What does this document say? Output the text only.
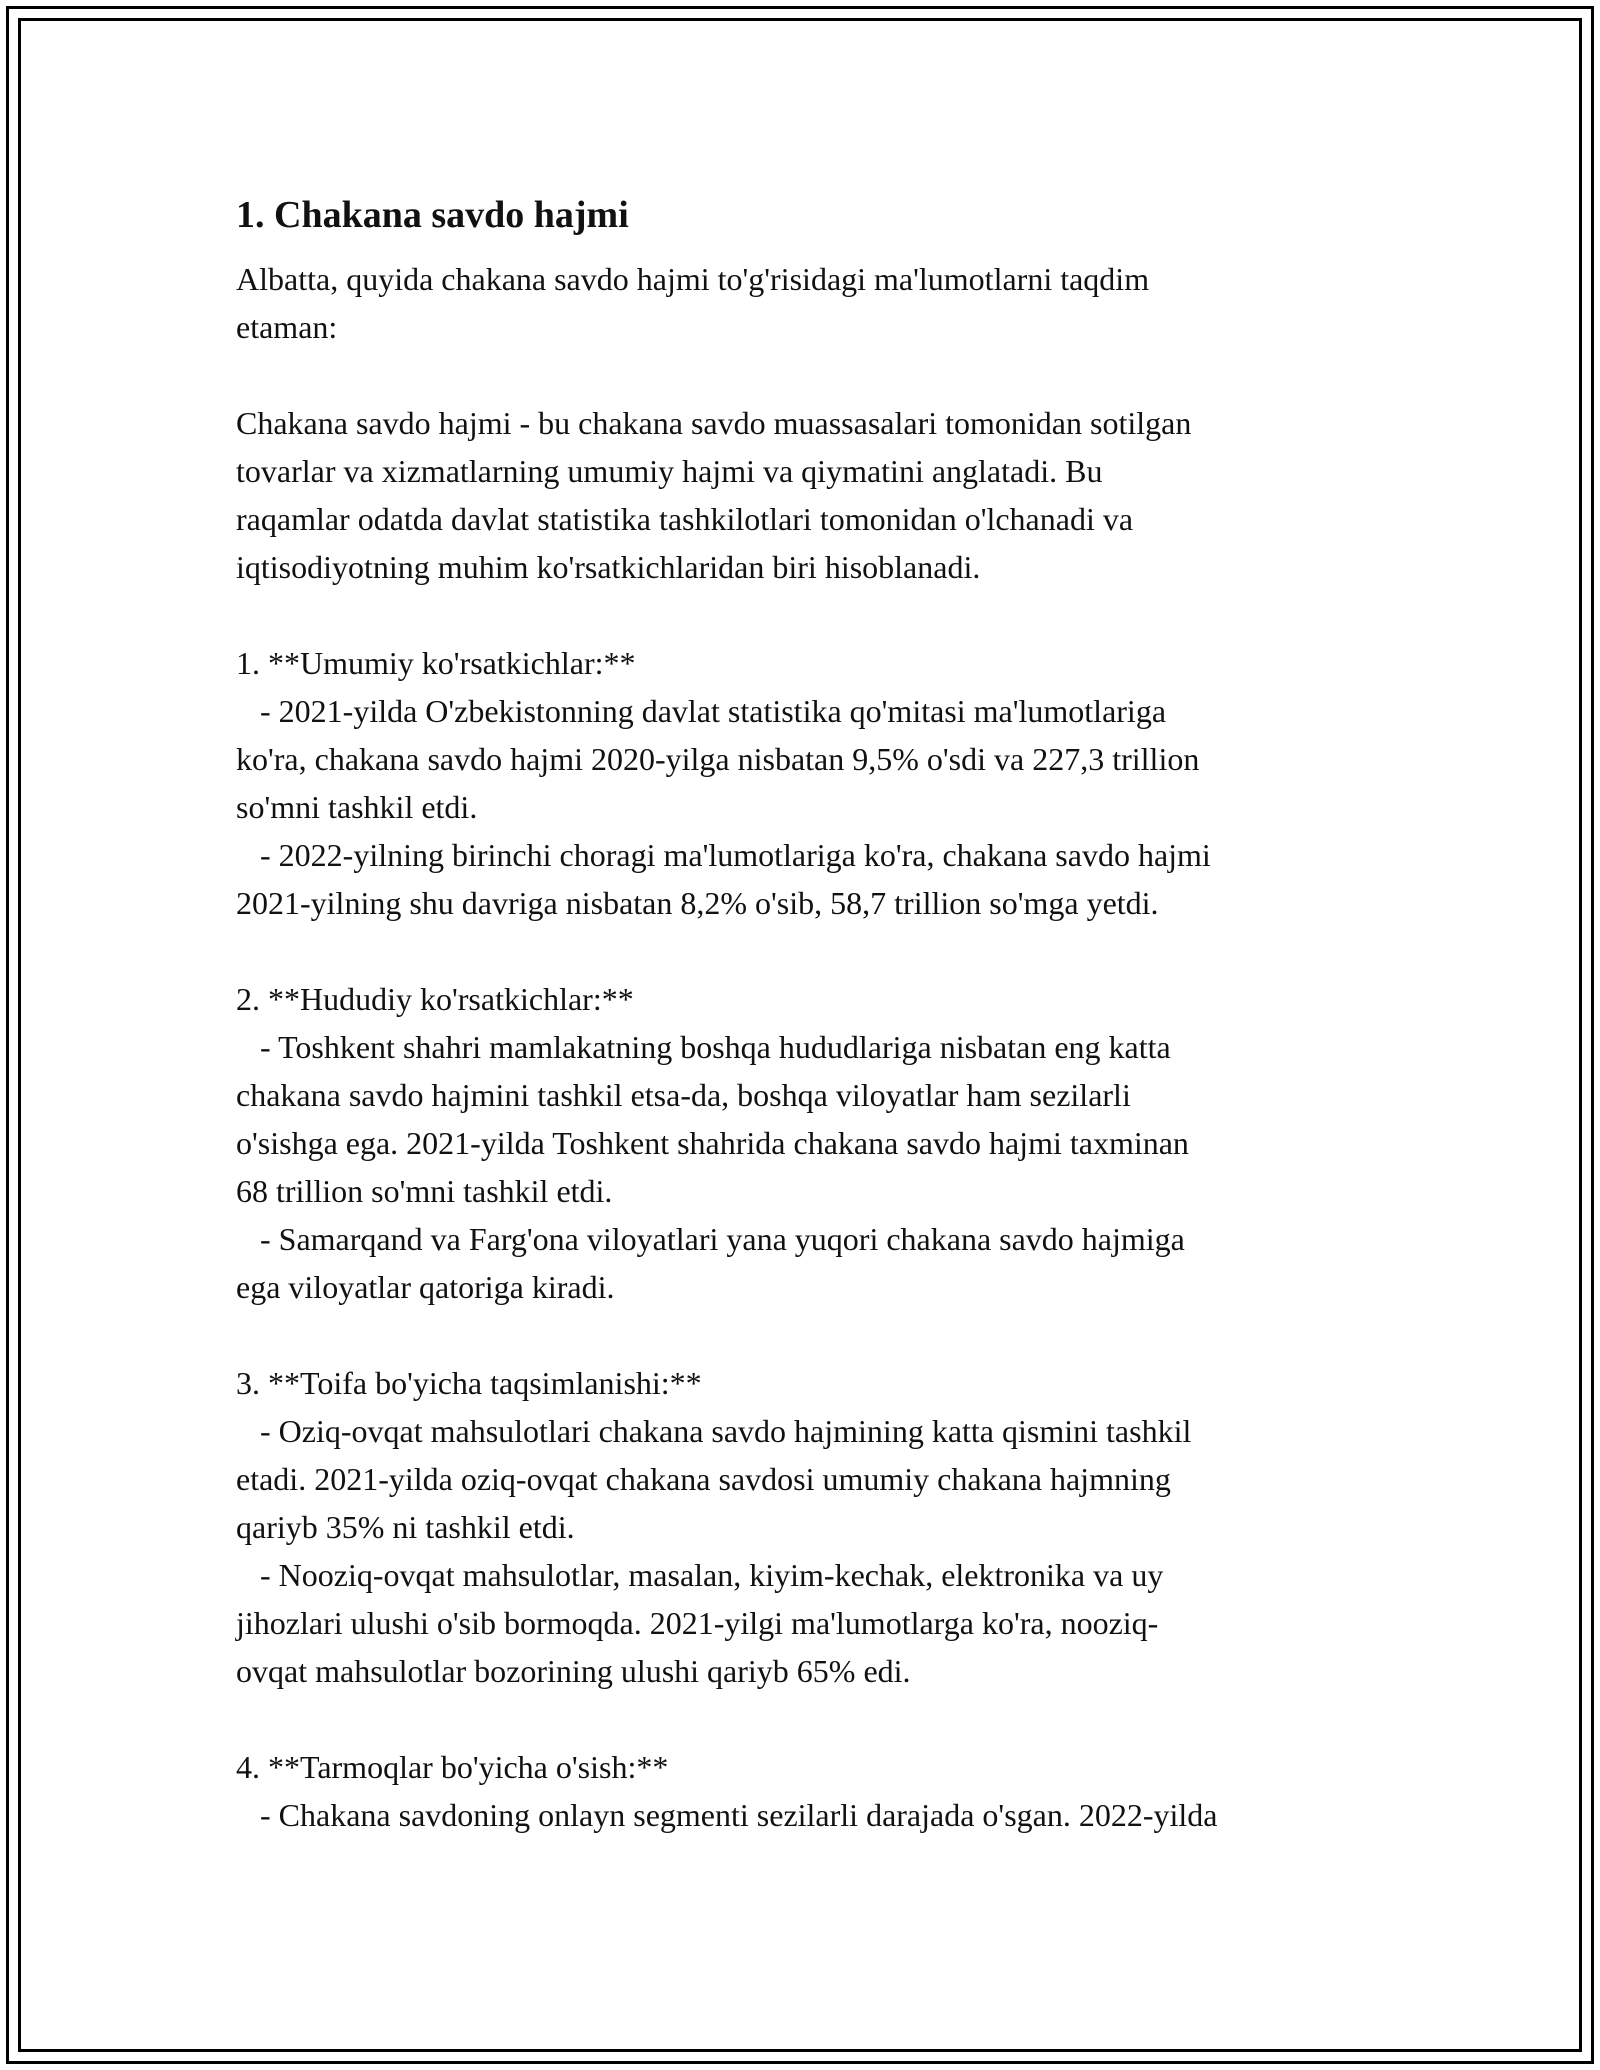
1. Chakana savdo hajmi
Albatta, quyida chakana savdo hajmi to'g'risidagi ma'lumotlarni taqdim
etaman:
Chakana savdo hajmi - bu chakana savdo muassasalari tomonidan sotilgan
tovarlar va xizmatlarning umumiy hajmi va qiymatini anglatadi. Bu
raqamlar odatda davlat statistika tashkilotlari tomonidan o'lchanadi va
iqtisodiyotning muhim ko'rsatkichlaridan biri hisoblanadi.
1. **Umumiy ko'rsatkichlar:**
- 2021-yilda O'zbekistonning davlat statistika qo'mitasi ma'lumotlariga
ko'ra, chakana savdo hajmi 2020-yilga nisbatan 9,5% o'sdi va 227,3 trillion
so'mni tashkil etdi.
- 2022-yilning birinchi choragi ma'lumotlariga ko'ra, chakana savdo hajmi
2021-yilning shu davriga nisbatan 8,2% o'sib, 58,7 trillion so'mga yetdi.
2. **Hududiy ko'rsatkichlar:**
- Toshkent shahri mamlakatning boshqa hududlariga nisbatan eng katta
chakana savdo hajmini tashkil etsa-da, boshqa viloyatlar ham sezilarli
o'sishga ega. 2021-yilda Toshkent shahrida chakana savdo hajmi taxminan
68 trillion so'mni tashkil etdi.
- Samarqand va Farg'ona viloyatlari yana yuqori chakana savdo hajmiga
ega viloyatlar qatoriga kiradi.
3. **Toifa bo'yicha taqsimlanishi:**
- Oziq-ovqat mahsulotlari chakana savdo hajmining katta qismini tashkil
etadi. 2021-yilda oziq-ovqat chakana savdosi umumiy chakana hajmning
qariyb 35% ni tashkil etdi.
- Nooziq-ovqat mahsulotlar, masalan, kiyim-kechak, elektronika va uy
jihozlari ulushi o'sib bormoqda. 2021-yilgi ma'lumotlarga ko'ra, nooziq-
ovqat mahsulotlar bozorining ulushi qariyb 65% edi.
4. **Tarmoqlar bo'yicha o'sish:**
- Chakana savdoning onlayn segmenti sezilarli darajada o'sgan. 2022-yilda
